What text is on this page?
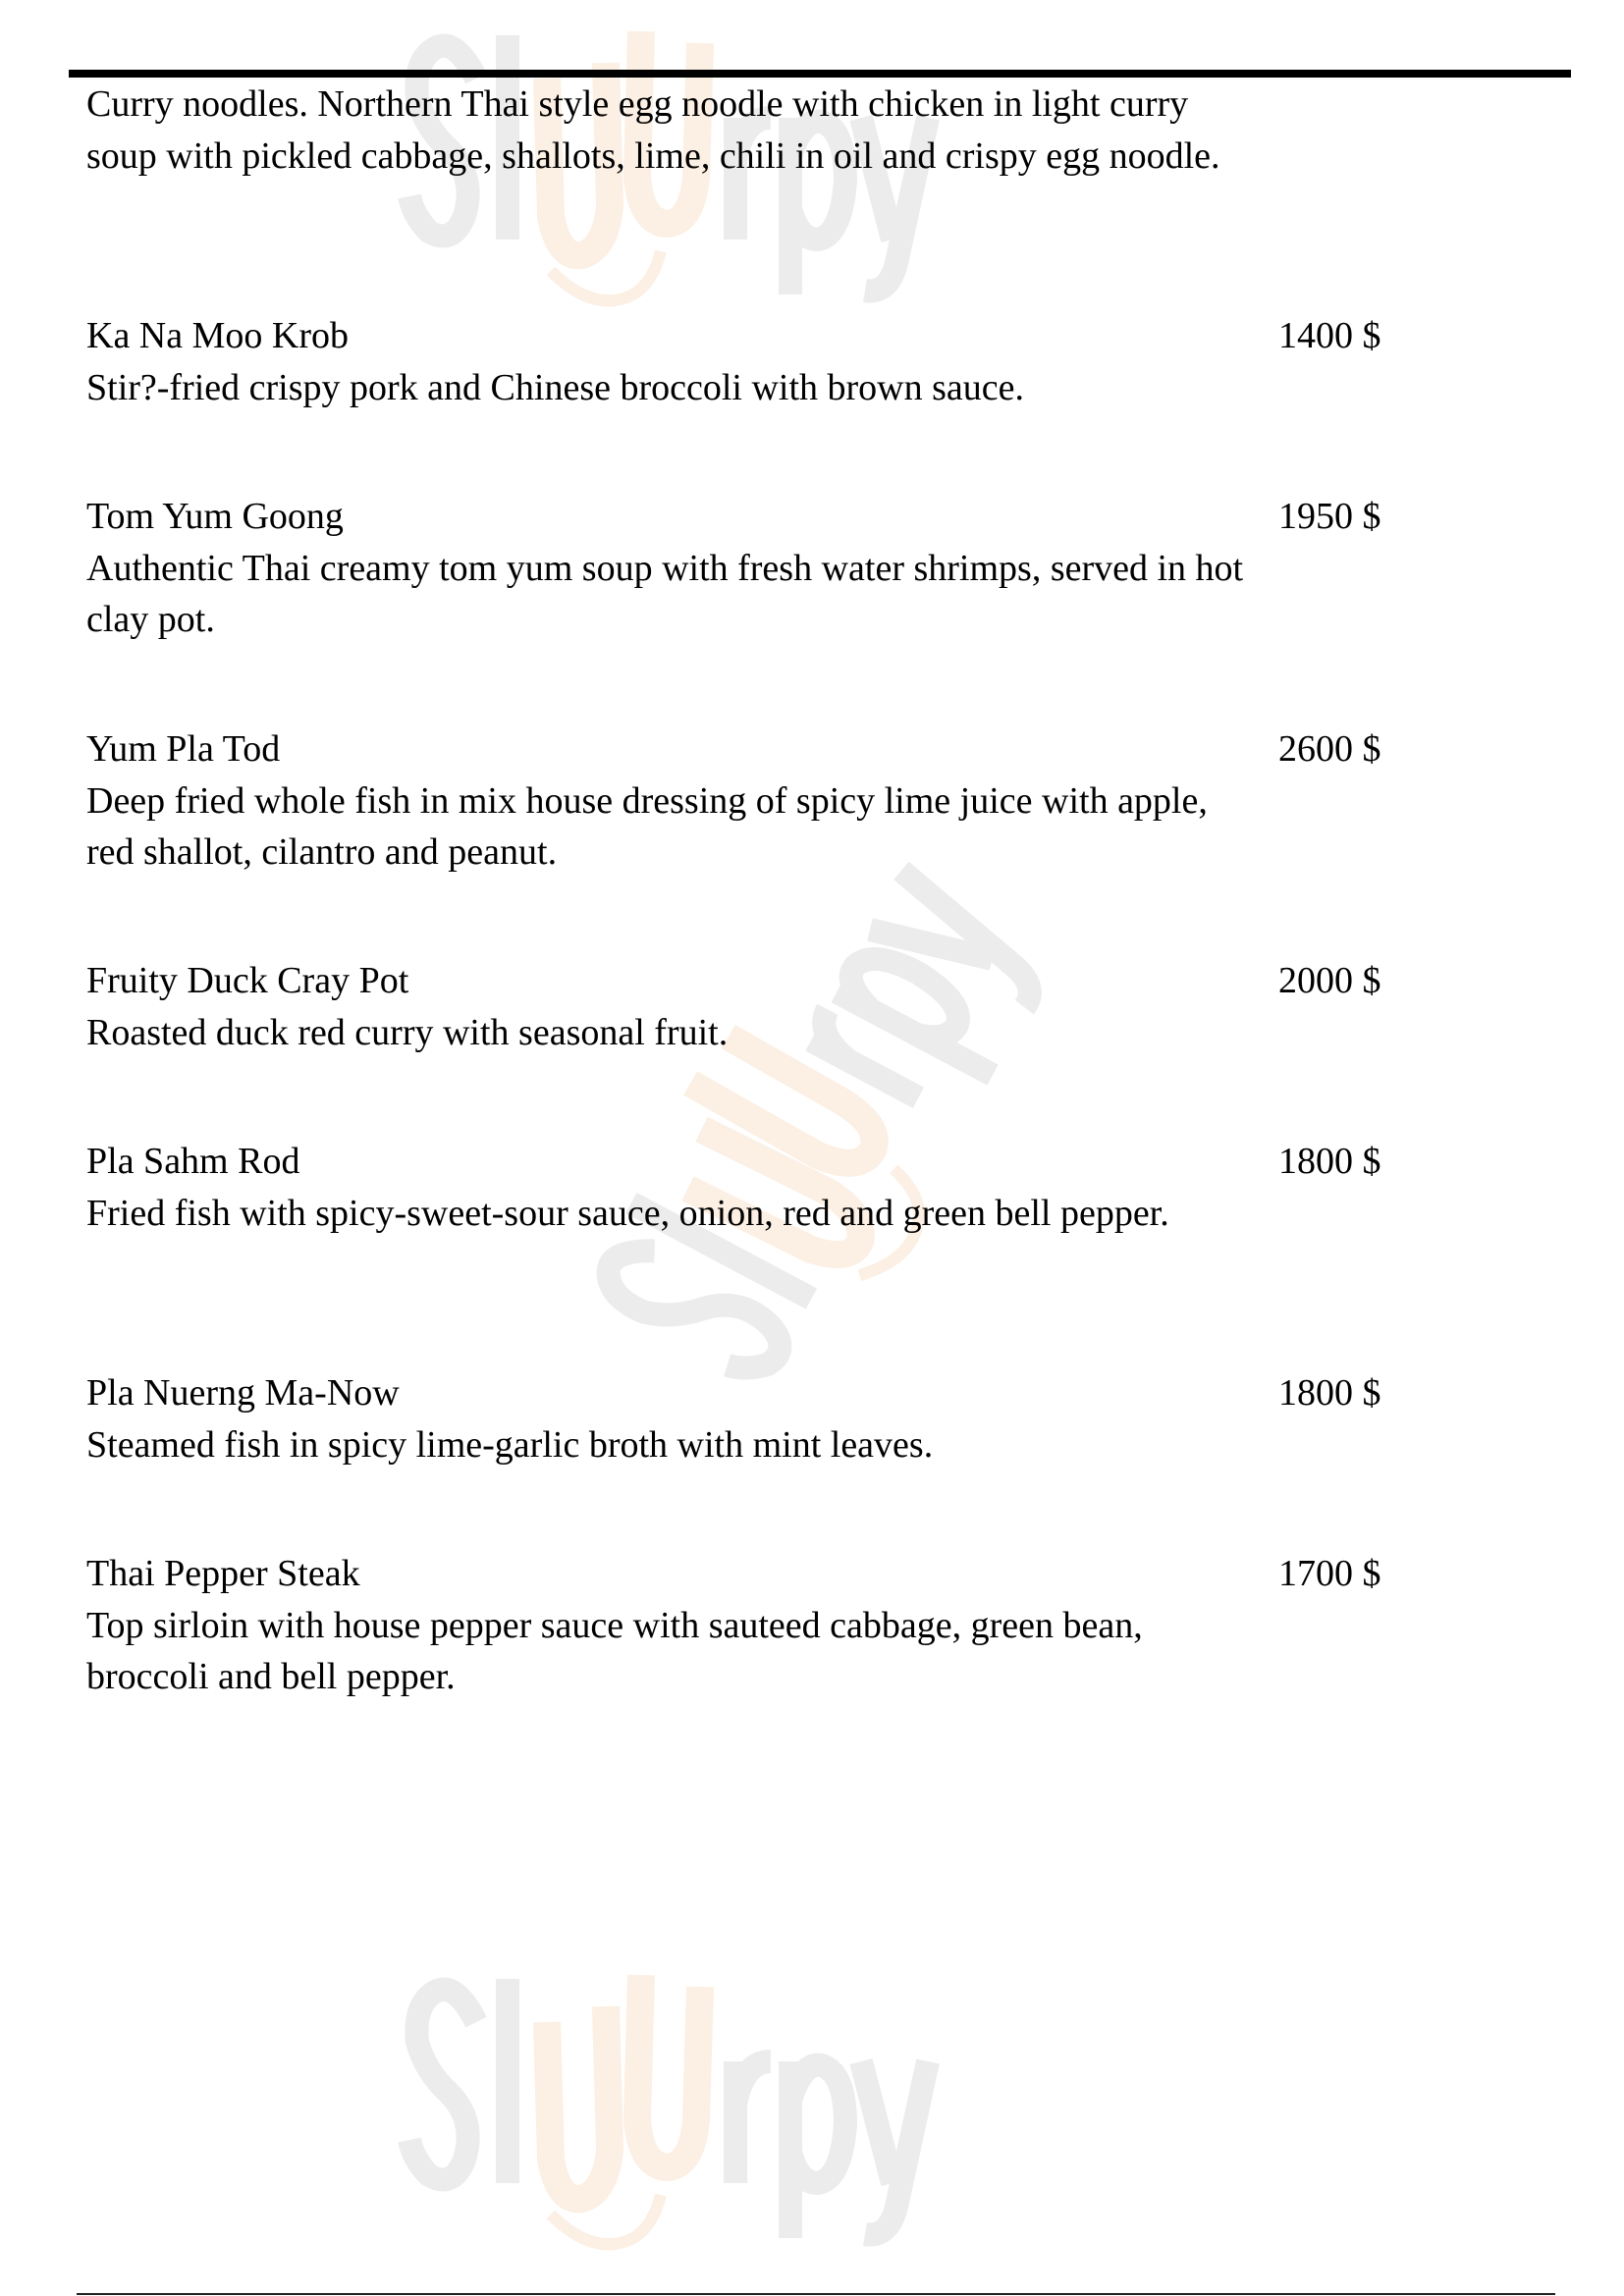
Curry noodles. Northern Thai style egg noodle with chicken in light curry soup with pickled cabbage, shallots, lime, chili in oil and crispy egg noodle.
Ka Na Moo Krob	1400 $
Stir?-fried crispy pork and Chinese broccoli with brown sauce.
Tom Yum Goong	1950 $
Authentic Thai creamy tom yum soup with fresh water shrimps, served in hot clay pot.
Yum Pla Tod	2600 $
Deep fried whole fish in mix house dressing of spicy lime juice with apple, red shallot, cilantro and peanut.
Fruity Duck Cray Pot	2000 $
Roasted duck red curry with seasonal fruit.
Pla Sahm Rod	1800 $
Fried fish with spicy-sweet-sour sauce, onion, red and green bell pepper.
Pla Nuerng Ma-Now	1800 $
Steamed fish in spicy lime-garlic broth with mint leaves.
Thai Pepper Steak	1700 $
Top sirloin with house pepper sauce with sauteed cabbage, green bean, broccoli and bell pepper.
